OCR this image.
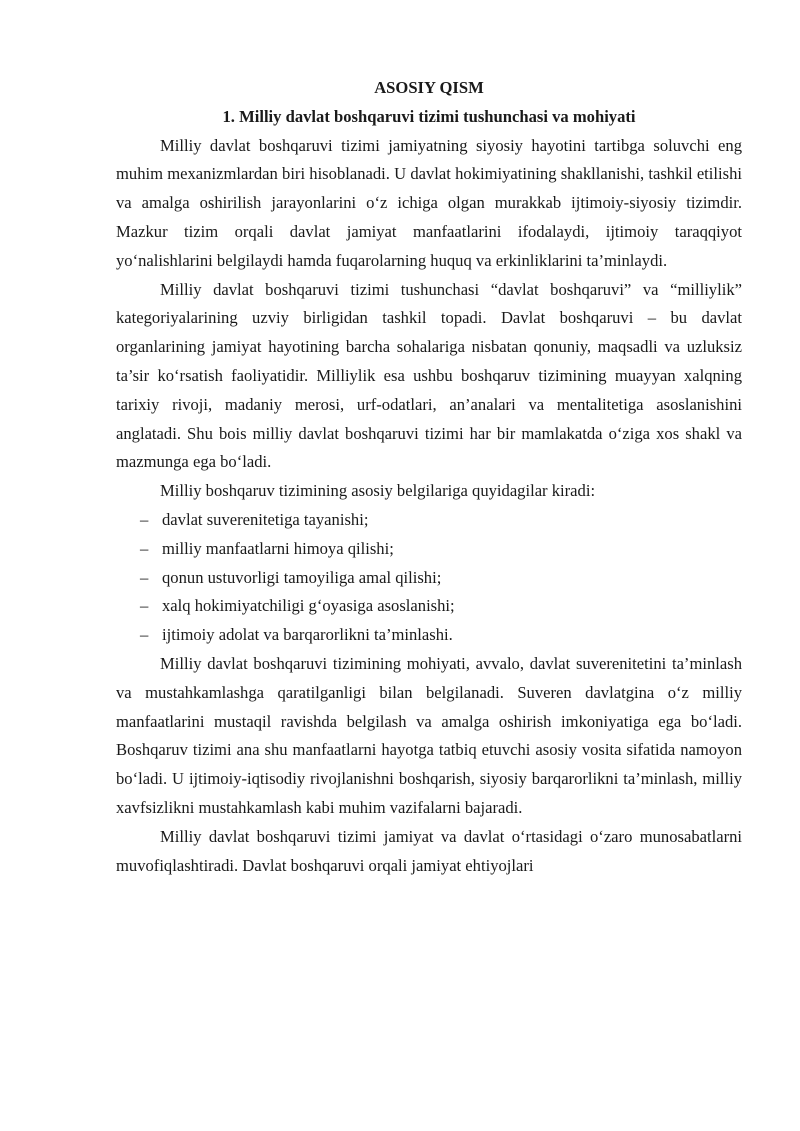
ASOSIY QISM

1. Milliy davlat boshqaruvi tizimi tushunchasi va mohiyati

Milliy davlat boshqaruvi tizimi jamiyatning siyosiy hayotini tartibga soluvchi eng muhim mexanizmlardan biri hisoblanadi. U davlat hokimiyatining shakllanishi, tashkil etilishi va amalga oshirilish jarayonlarini o‘z ichiga olgan murakkab ijtimoiy-siyosiy tizimdir. Mazkur tizim orqali davlat jamiyat manfaatlarini ifodalaydi, ijtimoiy taraqqiyot yo‘nalishlarini belgilaydi hamda fuqarolarning huquq va erkinliklarini ta’minlaydi.

Milliy davlat boshqaruvi tizimi tushunchasi “davlat boshqaruvi” va “milliylik” kategoriyalarining uzviy birligidan tashkil topadi. Davlat boshqaruvi – bu davlat organlarining jamiyat hayotining barcha sohalariga nisbatan qonuniy, maqsadli va uzluksiz ta’sir ko‘rsatish faoliyatidir. Milliylik esa ushbu boshqaruv tizimining muayyan xalqning tarixiy rivoji, madaniy merosi, urf-odatlari, an’analari va mentalitetiga asoslanishini anglatadi. Shu bois milliy davlat boshqaruvi tizimi har bir mamlakatda o‘ziga xos shakl va mazmunga ega bo‘ladi.

Milliy boshqaruv tizimining asosiy belgilariga quyidagilar kiradi:

– davlat suverenitetiga tayanishi;
– milliy manfaatlarni himoya qilishi;
– qonun ustuvorligi tamoyiliga amal qilishi;
– xalq hokimiyatchiligi g‘oyasiga asoslanishi;
– ijtimoiy adolat va barqarorlikni ta’minlashi.

Milliy davlat boshqaruvi tizimining mohiyati, avvalo, davlat suverenitetini ta’minlash va mustahkamlashga qaratilganligi bilan belgilanadi. Suveren davlatgina o‘z milliy manfaatlarini mustaqil ravishda belgilash va amalga oshirish imkoniyatiga ega bo‘ladi. Boshqaruv tizimi ana shu manfaatlarni hayotga tatbiq etuvchi asosiy vosita sifatida namoyon bo‘ladi. U ijtimoiy-iqtisodiy rivojlanishni boshqarish, siyosiy barqarorlikni ta’minlash, milliy xavfsizlikni mustahkamlash kabi muhim vazifalarni bajaradi.

Milliy davlat boshqaruvi tizimi jamiyat va davlat o‘rtasidagi o‘zaro munosabatlarni muvofiqlashtiradi. Davlat boshqaruvi orqali jamiyat ehtiyojlari
